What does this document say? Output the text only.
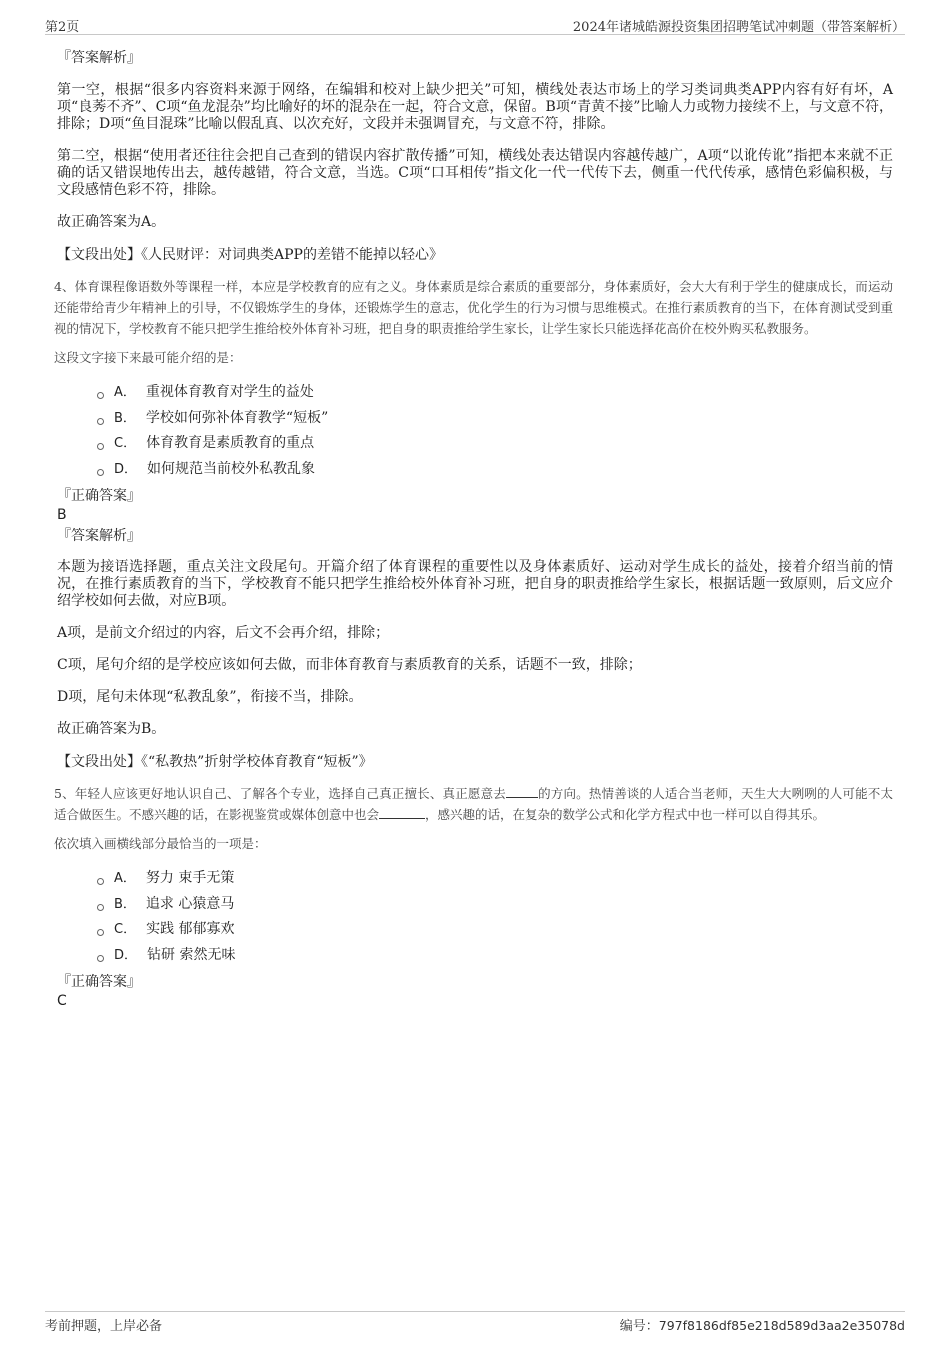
第2页	2024年诸城皓源投资集团招聘笔试冲刺题（带答案解析）

『答案解析』

第一空，根据“很多内容资料来源于网络，在编辑和校对上缺少把关”可知，横线处表达市场上的学习类词典类APP内容有好有坏，A项“良莠不齐”、C项“鱼龙混杂”均比喻好的坏的混杂在一起，符合文意，保留。B项“青黄不接”比喻人力或物力接续不上，与文意不符，排除；D项“鱼目混珠”比喻以假乱真、以次充好，文段并未强调冒充，与文意不符，排除。

第二空，根据“使用者还往往会把自己查到的错误内容扩散传播”可知，横线处表达错误内容越传越广，A项“以讹传讹”指把本来就不正确的话又错误地传出去，越传越错，符合文意，当选。C项“口耳相传”指文化一代一代传下去，侧重一代代传承，感情色彩偏积极，与文段感情色彩不符，排除。

故正确答案为A。

【文段出处】《人民财评：对词典类APP的差错不能掉以轻心》

4、体育课程像语数外等课程一样，本应是学校教育的应有之义。身体素质是综合素质的重要部分，身体素质好，会大大有利于学生的健康成长，而运动还能带给青少年精神上的引导，不仅锻炼学生的身体，还锻炼学生的意志，优化学生的行为习惯与思维模式。在推行素质教育的当下，在体育测试受到重视的情况下，学校教育不能只把学生推给校外体育补习班，把自身的职责推给学生家长，让学生家长只能选择花高价在校外购买私教服务。

这段文字接下来最可能介绍的是：

A． 重视体育教育对学生的益处
B． 学校如何弥补体育教学“短板”
C． 体育教育是素质教育的重点
D． 如何规范当前校外私教乱象

『正确答案』

B

『答案解析』

本题为接语选择题，重点关注文段尾句。开篇介绍了体育课程的重要性以及身体素质好、运动对学生成长的益处，接着介绍当前的情况，在推行素质教育的当下，学校教育不能只把学生推给校外体育补习班，把自身的职责推给学生家长，根据话题一致原则，后文应介绍学校如何去做，对应B项。

A项，是前文介绍过的内容，后文不会再介绍，排除；

C项，尾句介绍的是学校应该如何去做，而非体育教育与素质教育的关系，话题不一致，排除；

D项，尾句未体现“私教乱象”，衔接不当，排除。

故正确答案为B。

【文段出处】《“私教热”折射学校体育教育“短板”》

5、年轻人应该更好地认识自己、了解各个专业，选择自己真正擅长、真正愿意去	的方向。热情善谈的人适合当老师，天生大大咧咧的人可能不太适合做医生。不感兴趣的话，在影视鉴赏或媒体创意中也会	，感兴趣的话，在复杂的数学公式和化学方程式中也一样可以自得其乐。

依次填入画横线部分最恰当的一项是：

A． 努力 束手无策
B． 追求 心猿意马
C． 实践 郁郁寡欢
D． 钻研 索然无味

『正确答案』

C

考前押题，上岸必备	编号：797f8186df85e218d589d3aa2e35078d
